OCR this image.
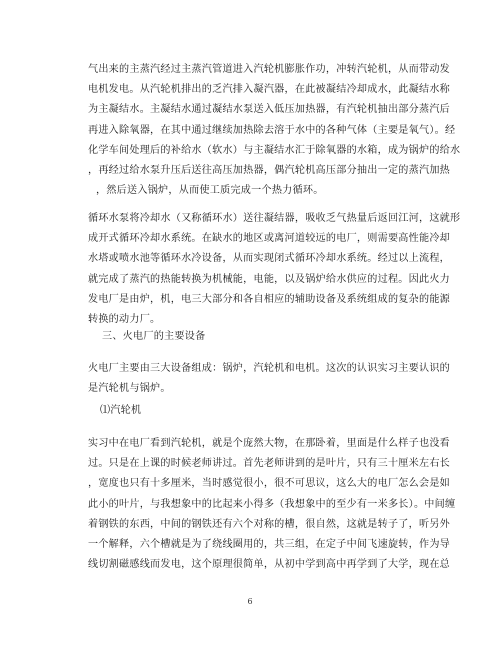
气出来的主蒸汽经过主蒸汽管道进入汽轮机膨胀作功，冲转汽轮机，从而带动发
电机发电。从汽轮机排出的乏汽排入凝汽器，在此被凝结冷却成水，此凝结水称
为主凝结水。主凝结水通过凝结水泵送入低压加热器，有汽轮机抽出部分蒸汽后
再进入除氧器，在其中通过继续加热除去溶于水中的各种气体（主要是氧气）。经
化学车间处理后的补给水（软水）与主凝结水汇于除氧器的水箱，成为锅炉的给水
，再经过给水泵升压后送往高压加热器，偶汽轮机高压部分抽出一定的蒸汽加热
，然后送入锅炉，从而使工质完成一个热力循环。
循环水泵将冷却水（又称循环水）送往凝结器，吸收乏气热量后返回江河，这就形
成开式循环冷却水系统。在缺水的地区或离河道较远的电厂，则需要高性能冷却
水塔或喷水池等循环水冷设备，从而实现闭式循环冷却水系统。经过以上流程，
就完成了蒸汽的热能转换为机械能，电能，以及锅炉给水供应的过程。因此火力
发电厂是由炉，机，电三大部分和各自相应的辅助设备及系统组成的复杂的能源
转换的动力厂。
三、火电厂的主要设备
火电厂主要由三大设备组成：锅炉，汽轮机和电机。这次的认识实习主要认识的
是汽轮机与锅炉。
⑴汽轮机
实习中在电厂看到汽轮机，就是个庞然大物，在那卧着，里面是什么样子也没看
过。只是在上课的时候老师讲过。首先老师讲到的是叶片，只有三十厘米左右长
，宽度也只有十多厘米，当时感觉很小，很不可思议，这么大的电厂怎么会是如
此小的叶片，与我想象中的比起来小得多（我想象中的至少有一米多长）。中间缠
着钢铁的东西，中间的钢铁还有六个对称的槽，很自然，这就是转子了，听另外
一个解释，六个槽就是为了绕线圈用的，共三组，在定子中间飞速旋转，作为导
线切割磁感线而发电，这个原理很简单，从初中学到高中再学到了大学，现在总
6
